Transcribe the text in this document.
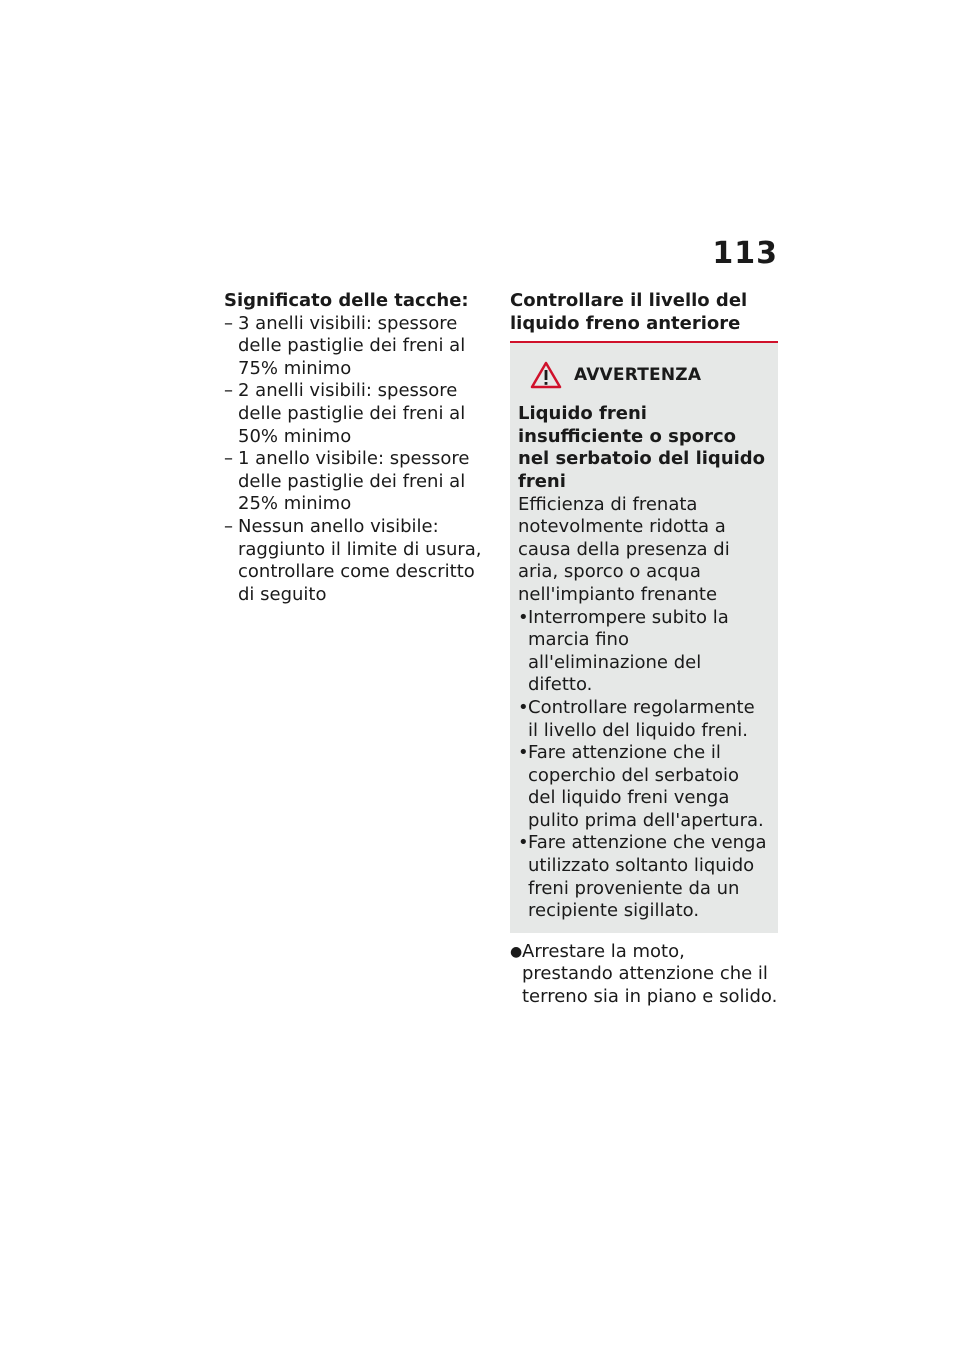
113

Significato delle tacche:

– 3 anelli visibili: spessore delle pastiglie dei freni al 75% minimo
– 2 anelli visibili: spessore delle pastiglie dei freni al 50% minimo
– 1 anello visibile: spessore delle pastiglie dei freni al 25% minimo
– Nessun anello visibile: raggiunto il limite di usura, controllare come descritto di seguito

Controllare il livello del liquido freno anteriore

AVVERTENZA

Liquido freni insufficiente o sporco nel serbatoio del liquido freni

Efficienza di frenata notevolmente ridotta a causa della presenza di aria, sporco o acqua nell'impianto frenante

• Interrompere subito la marcia fino all'eliminazione del difetto.
• Controllare regolarmente il livello del liquido freni.
• Fare attenzione che il coperchio del serbatoio del liquido freni venga pulito prima dell'apertura.
• Fare attenzione che venga utilizzato soltanto liquido freni proveniente da un recipiente sigillato.
● Arrestare la moto, prestando attenzione che il terreno sia in piano e solido.
